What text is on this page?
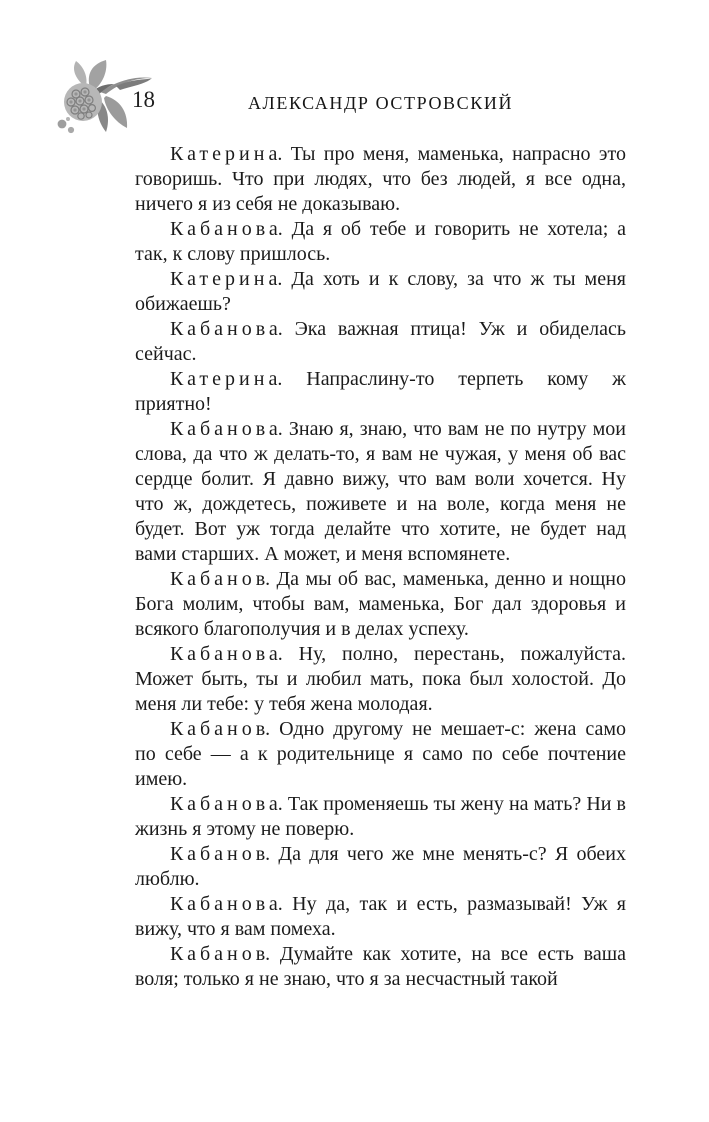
18	АЛЕКСАНДР ОСТРОВСКИЙ

Катерина. Ты про меня, маменька, напрасно это говоришь. Что при людях, что без людей, я все одна, ничего я из себя не доказываю.

Кабанова. Да я об тебе и говорить не хотела; а так, к слову пришлось.

Катерина. Да хоть и к слову, за что ж ты меня обижаешь?

Кабанова. Эка важная птица! Уж и обиделась сейчас.

Катерина. Напраслину-то терпеть кому ж приятно!

Кабанова. Знаю я, знаю, что вам не по нутру мои слова, да что ж делать-то, я вам не чужая, у меня об вас сердце болит. Я давно вижу, что вам воли хочется. Ну что ж, дождетесь, поживете и на воле, когда меня не будет. Вот уж тогда делайте что хотите, не будет над вами старших. А может, и меня вспомянете.

Кабанов. Да мы об вас, маменька, денно и нощно Бога молим, чтобы вам, маменька, Бог дал здоровья и всякого благополучия и в делах успеху.

Кабанова. Ну, полно, перестань, пожалуйста. Может быть, ты и любил мать, пока был холостой. До меня ли тебе: у тебя жена молодая.

Кабанов. Одно другому не мешает-с: жена само по себе — а к родительнице я само по себе почтение имею.

Кабанова. Так променяешь ты жену на мать? Ни в жизнь я этому не поверю.

Кабанов. Да для чего же мне менять-с? Я обеих люблю.

Кабанова. Ну да, так и есть, размазывай! Уж я вижу, что я вам помеха.

Кабанов. Думайте как хотите, на все есть ваша воля; только я не знаю, что я за несчастный такой
